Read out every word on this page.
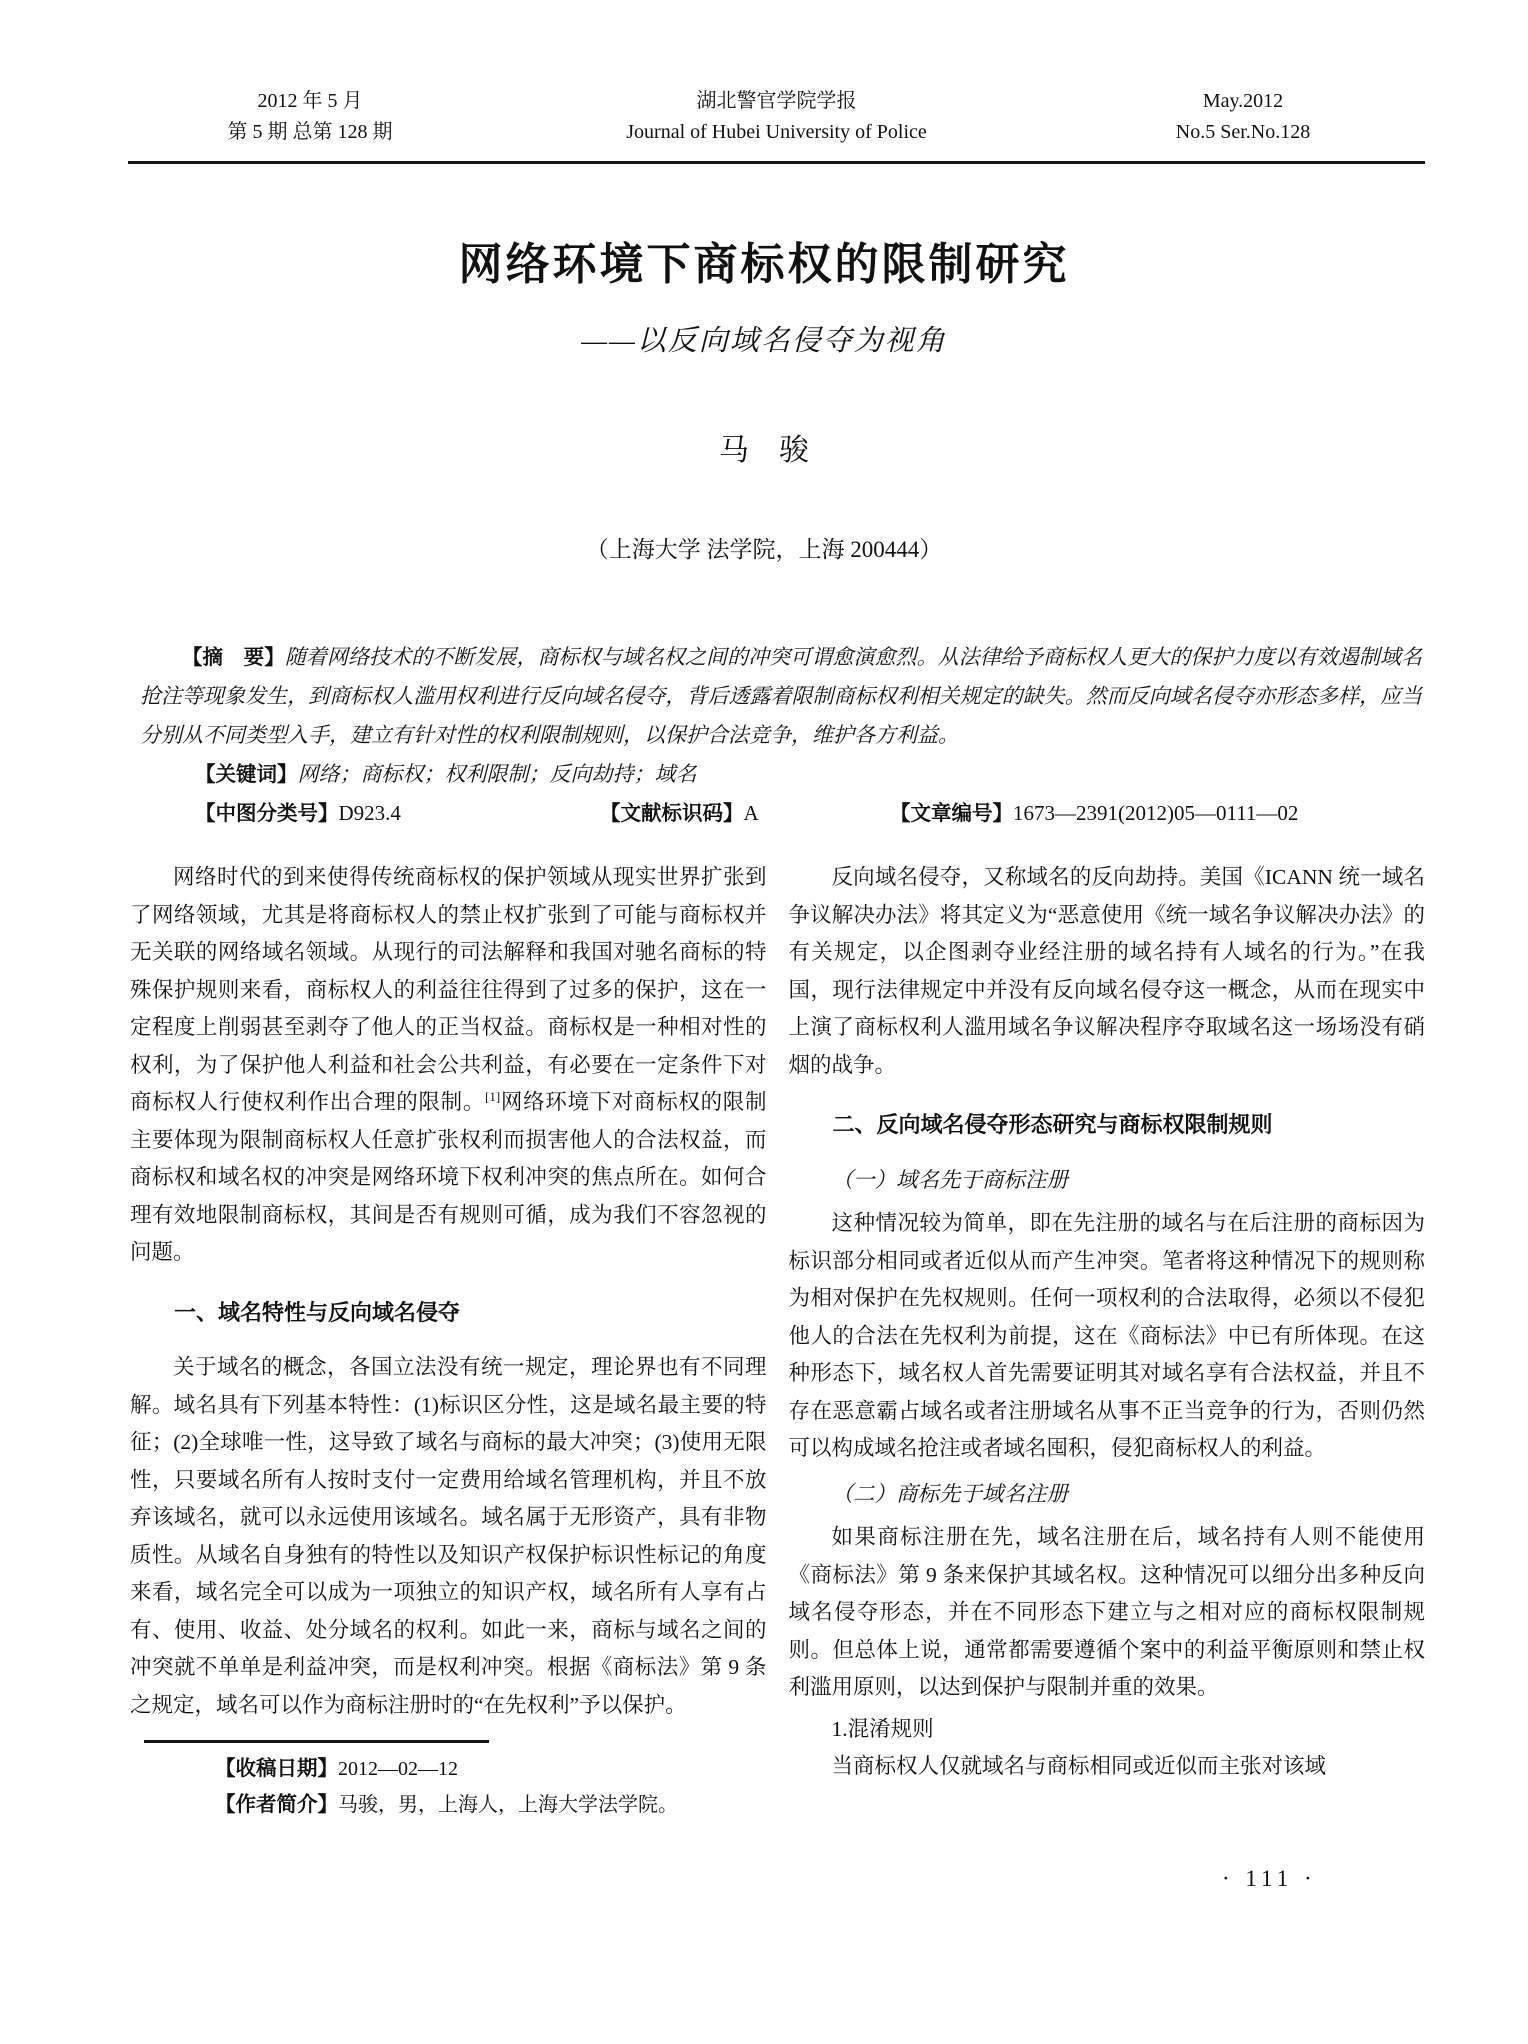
2012 年 5 月
第 5 期 总第 128 期
湖北警官学院学报
Journal of Hubei University of Police
May.2012
No.5 Ser.No.128
网络环境下商标权的限制研究
——以反向域名侵夺为视角
马　骏
（上海大学 法学院，上海 200444）

【摘　要】随着网络技术的不断发展，商标权与域名权之间的冲突可谓愈演愈烈。从法律给予商标权人更大的保护力度以有效遏制域名抢注等现象发生，到商标权人滥用权利进行反向域名侵夺，背后透露着限制商标权利相关规定的缺失。然而反向域名侵夺亦形态多样，应当分别从不同类型入手，建立有针对性的权利限制规则，以保护合法竞争，维护各方利益。

【关键词】网络；商标权；权利限制；反向劫持；域名

【中图分类号】D923.4	【文献标识码】A	【文章编号】1673—2391(2012)05—0111—02

网络时代的到来使得传统商标权的保护领域从现实世界扩张到了网络领域，尤其是将商标权人的禁止权扩张到了可能与商标权并无关联的网络域名领域。从现行的司法解释和我国对驰名商标的特殊保护规则来看，商标权人的利益往往得到了过多的保护，这在一定程度上削弱甚至剥夺了他人的正当权益。商标权是一种相对性的权利，为了保护他人利益和社会公共利益，有必要在一定条件下对商标权人行使权利作出合理的限制。[1]网络环境下对商标权的限制主要体现为限制商标权人任意扩张权利而损害他人的合法权益，而商标权和域名权的冲突是网络环境下权利冲突的焦点所在。如何合理有效地限制商标权，其间是否有规则可循，成为我们不容忽视的问题。

一、域名特性与反向域名侵夺

关于域名的概念，各国立法没有统一规定，理论界也有不同理解。域名具有下列基本特性：(1)标识区分性，这是域名最主要的特征；(2)全球唯一性，这导致了域名与商标的最大冲突；(3)使用无限性，只要域名所有人按时支付一定费用给域名管理机构，并且不放弃该域名，就可以永远使用该域名。域名属于无形资产，具有非物质性。从域名自身独有的特性以及知识产权保护标识性标记的角度来看，域名完全可以成为一项独立的知识产权，域名所有人享有占有、使用、收益、处分域名的权利。如此一来，商标与域名之间的冲突就不单单是利益冲突，而是权利冲突。根据《商标法》第 9 条之规定，域名可以作为商标注册时的“在先权利”予以保护。

【收稿日期】2012—02—12

【作者简介】马骏，男，上海人，上海大学法学院。

反向域名侵夺，又称域名的反向劫持。美国《ICANN 统一域名争议解决办法》将其定义为“恶意使用《统一域名争议解决办法》的有关规定，以企图剥夺业经注册的域名持有人域名的行为。”在我国，现行法律规定中并没有反向域名侵夺这一概念，从而在现实中上演了商标权利人滥用域名争议解决程序夺取域名这一场场没有硝烟的战争。

二、反向域名侵夺形态研究与商标权限制规则
（一）域名先于商标注册

这种情况较为简单，即在先注册的域名与在后注册的商标因为标识部分相同或者近似从而产生冲突。笔者将这种情况下的规则称为相对保护在先权规则。任何一项权利的合法取得，必须以不侵犯他人的合法在先权利为前提，这在《商标法》中已有所体现。在这种形态下，域名权人首先需要证明其对域名享有合法权益，并且不存在恶意霸占域名或者注册域名从事不正当竞争的行为，否则仍然可以构成域名抢注或者域名囤积，侵犯商标权人的利益。

（二）商标先于域名注册

如果商标注册在先，域名注册在后，域名持有人则不能使用《商标法》第 9 条来保护其域名权。这种情况可以细分出多种反向域名侵夺形态，并在不同形态下建立与之相对应的商标权限制规则。但总体上说，通常都需要遵循个案中的利益平衡原则和禁止权利滥用原则，以达到保护与限制并重的效果。

1.混淆规则

当商标权人仅就域名与商标相同或近似而主张对该域

· 111 ·
